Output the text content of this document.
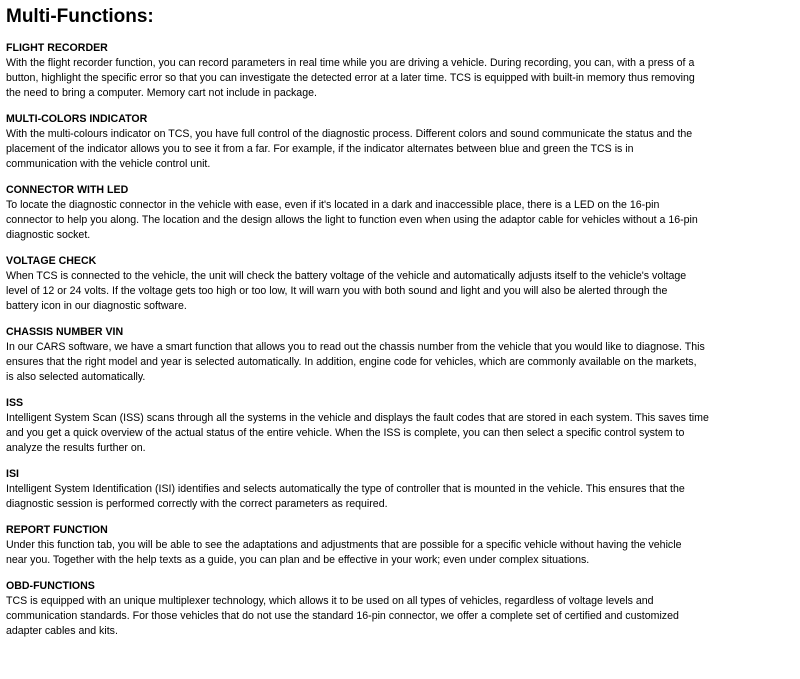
Multi-Functions:
FLIGHT RECORDER
With the flight recorder function, you can record parameters in real time while you are driving a vehicle. During recording, you can, with a press of a
button, highlight the specific error so that you can investigate the detected error at a later time. TCS is equipped with built-in memory thus removing
the need to bring a computer. Memory cart not include in package.
MULTI-COLORS INDICATOR
With the multi-colours indicator on TCS, you have full control of the diagnostic process. Different colors and sound communicate the status and the
placement of the indicator allows you to see it from a far. For example, if the indicator alternates between blue and green the TCS is in
communication with the vehicle control unit.
CONNECTOR WITH LED
To locate the diagnostic connector in the vehicle with ease, even if it's located in a dark and inaccessible place, there is a LED on the 16-pin
connector to help you along. The location and the design allows the light to function even when using the adaptor cable for vehicles without a 16-pin
diagnostic socket.
VOLTAGE CHECK
When TCS is connected to the vehicle, the unit will check the battery voltage of the vehicle and automatically adjusts itself to the vehicle's voltage
level of 12 or 24 volts. If the voltage gets too high or too low, It will warn you with both sound and light and you will also be alerted through the
battery icon in our diagnostic software.
CHASSIS NUMBER VIN
In our CARS software, we have a smart function that allows you to read out the chassis number from the vehicle that you would like to diagnose. This
ensures that the right model and year is selected automatically. In addition, engine code for vehicles, which are commonly available on the markets,
is also selected automatically.
ISS
Intelligent System Scan (ISS) scans through all the systems in the vehicle and displays the fault codes that are stored in each system. This saves time
and you get a quick overview of the actual status of the entire vehicle. When the ISS is complete, you can then select a specific control system to
analyze the results further on.
ISI
Intelligent System Identification (ISI) identifies and selects automatically the type of controller that is mounted in the vehicle. This ensures that the
diagnostic session is performed correctly with the correct parameters as required.
REPORT FUNCTION
Under this function tab, you will be able to see the adaptations and adjustments that are possible for a specific vehicle without having the vehicle
near you. Together with the help texts as a guide, you can plan and be effective in your work; even under complex situations.
OBD-FUNCTIONS
TCS is equipped with an unique multiplexer technology, which allows it to be used on all types of vehicles, regardless of voltage levels and
communication standards. For those vehicles that do not use the standard 16-pin connector, we offer a complete set of certified and customized
adapter cables and kits.
